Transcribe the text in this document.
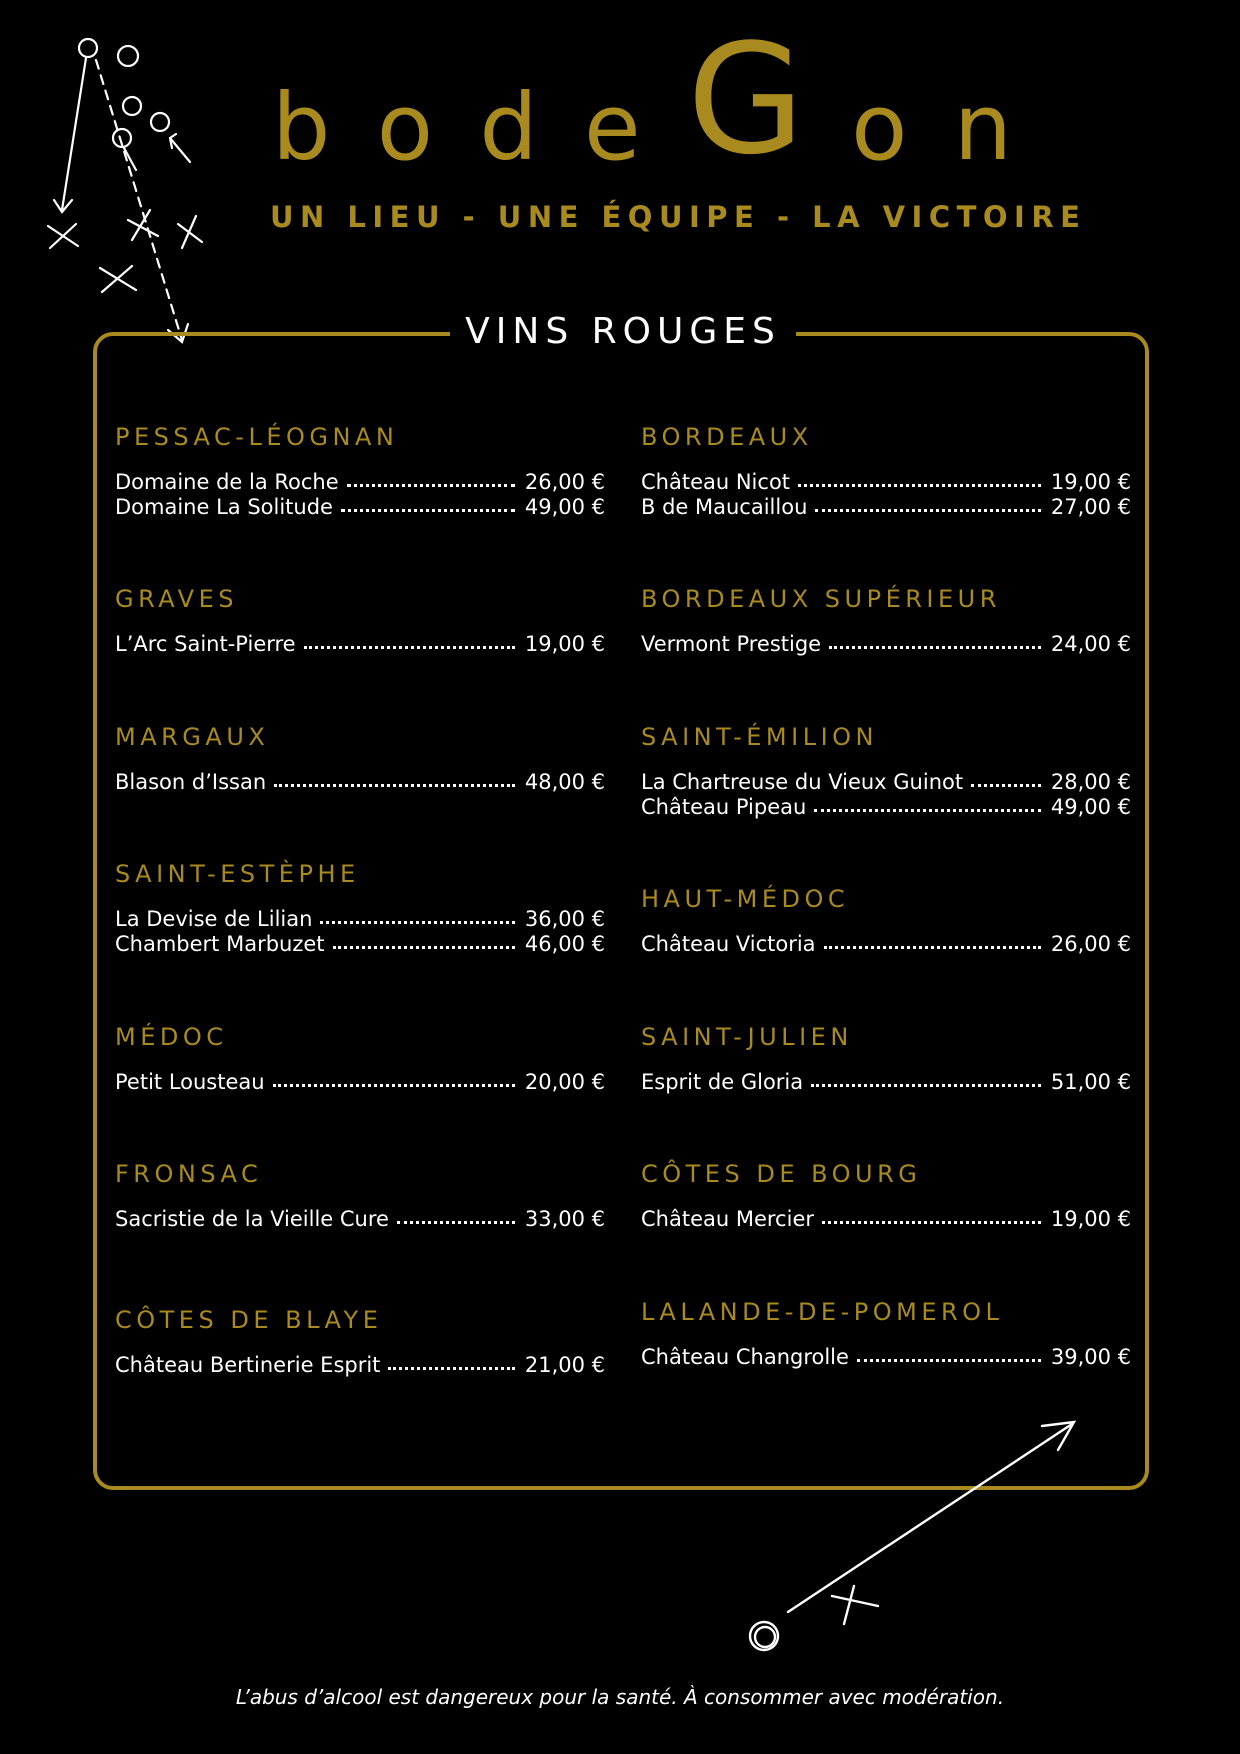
b o d e G o n
UN LIEU - UNE ÉQUIPE - LA VICTOIRE
VINS ROUGES
PESSAC-LÉOGNAN
Domaine de la Roche	26,00 €
Domaine La Solitude	49,00 €
GRAVES
L’Arc Saint-Pierre	19,00 €
MARGAUX
Blason d’Issan	48,00 €
SAINT-ESTÈPHE
La Devise de Lilian	36,00 €
Chambert Marbuzet	46,00 €
MÉDOC
Petit Lousteau	20,00 €
FRONSAC
Sacristie de la Vieille Cure	33,00 €
CÔTES DE BLAYE
Château Bertinerie Esprit	21,00 €
BORDEAUX
Château Nicot	19,00 €
B de Maucaillou	27,00 €
BORDEAUX SUPÉRIEUR
Vermont Prestige	24,00 €
SAINT-ÉMILION
La Chartreuse du Vieux Guinot	28,00 €
Château Pipeau	49,00 €
HAUT-MÉDOC
Château Victoria	26,00 €
SAINT-JULIEN
Esprit de Gloria	51,00 €
CÔTES DE BOURG
Château Mercier	19,00 €
LALANDE-DE-POMEROL
Château Changrolle	39,00 €
L’abus d’alcool est dangereux pour la santé. À consommer avec modération.
